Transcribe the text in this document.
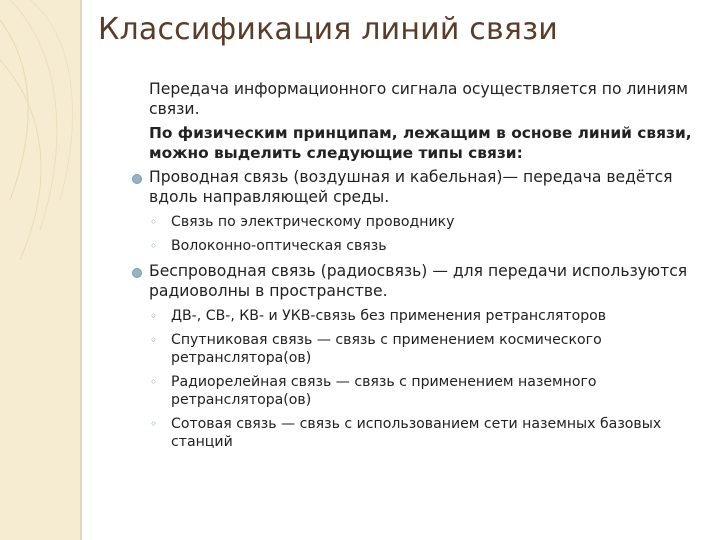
Классификация линий связи

Передача информационного сигнала осуществляется по линиям связи.

По физическим принципам, лежащим в основе линий связи, можно выделить следующие типы связи:

Проводная связь (воздушная и кабельная)— передача ведётся вдоль направляющей среды.
◦ Связь по электрическому проводнику
◦ Волоконно-оптическая связь
Беспроводная связь (радиосвязь) — для передачи используются радиоволны в пространстве.
◦ ДВ-, СВ-, КВ- и УКВ-связь без применения ретрансляторов
◦ Спутниковая связь — связь с применением космического ретранслятора(ов)
◦ Радиорелейная связь — связь с применением наземного ретранслятора(ов)
◦ Сотовая связь — связь с использованием сети наземных базовых станций
